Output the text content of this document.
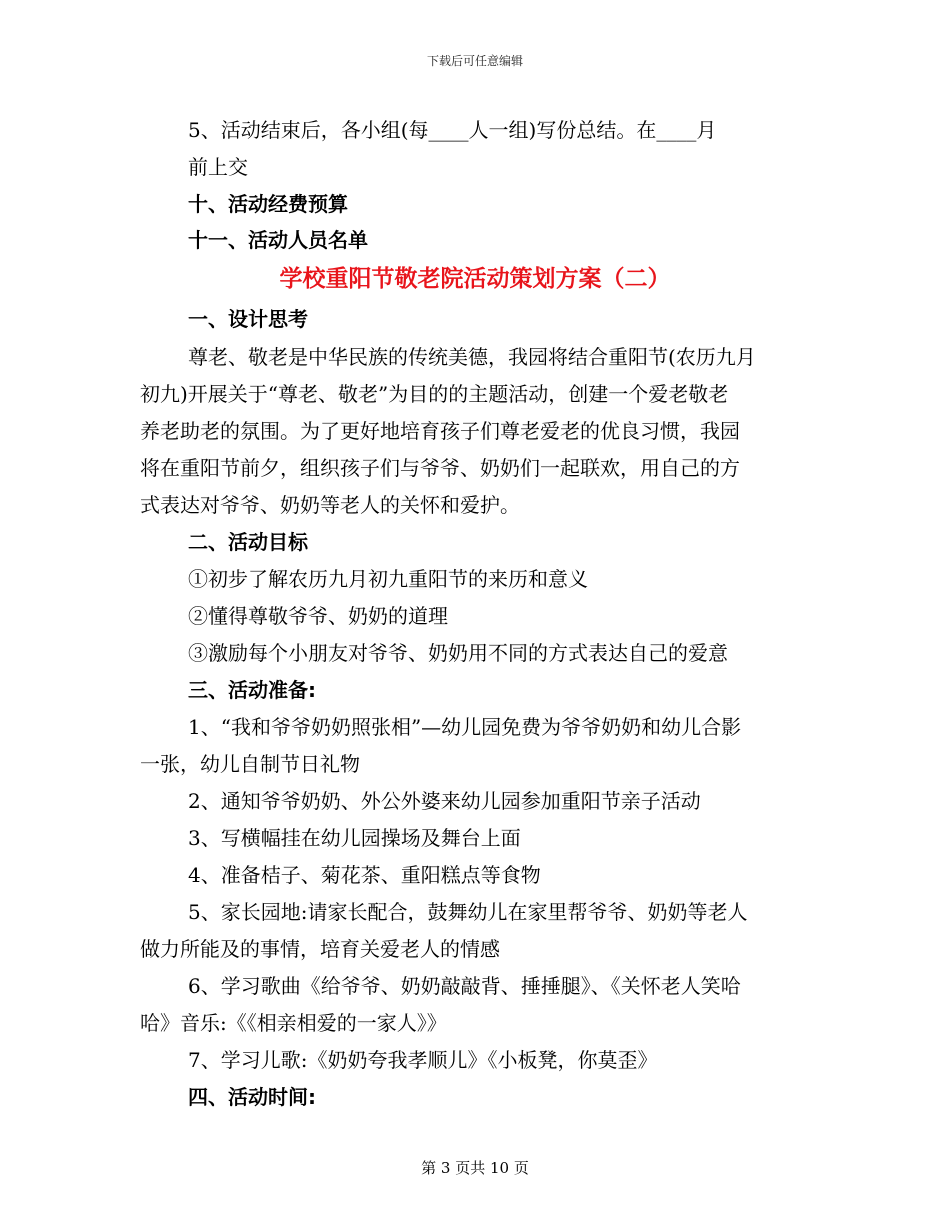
下载后可任意编辑
学校重阳节敬老院活动策划方案（二）
5、活动结束后，各小组(每____人一组)写份总结。在____月
前上交
十、活动经费预算
十一、活动人员名单
一、设计思考
尊老、敬老是中华民族的传统美德，我园将结合重阳节(农历九月
初九)开展关于“尊老、敬老”为目的的主题活动，创建一个爱老敬老
养老助老的氛围。为了更好地培育孩子们尊老爱老的优良习惯，我园
将在重阳节前夕，组织孩子们与爷爷、奶奶们一起联欢，用自己的方
式表达对爷爷、奶奶等老人的关怀和爱护。
二、活动目标
①初步了解农历九月初九重阳节的来历和意义
②懂得尊敬爷爷、奶奶的道理
③激励每个小朋友对爷爷、奶奶用不同的方式表达自己的爱意
三、活动准备:
1、“我和爷爷奶奶照张相”—幼儿园免费为爷爷奶奶和幼儿合影
一张，幼儿自制节日礼物
2、通知爷爷奶奶、外公外婆来幼儿园参加重阳节亲子活动
3、写横幅挂在幼儿园操场及舞台上面
4、准备桔子、菊花茶、重阳糕点等食物
5、家长园地:请家长配合，鼓舞幼儿在家里帮爷爷、奶奶等老人
做力所能及的事情，培育关爱老人的情感
6、学习歌曲《给爷爷、奶奶敲敲背、捶捶腿》、《关怀老人笑哈
哈》音乐:《《相亲相爱的一家人》》
7、学习儿歌:《奶奶夸我孝顺儿》《小板凳，你莫歪》
四、活动时间:
第 3 页共 10 页
